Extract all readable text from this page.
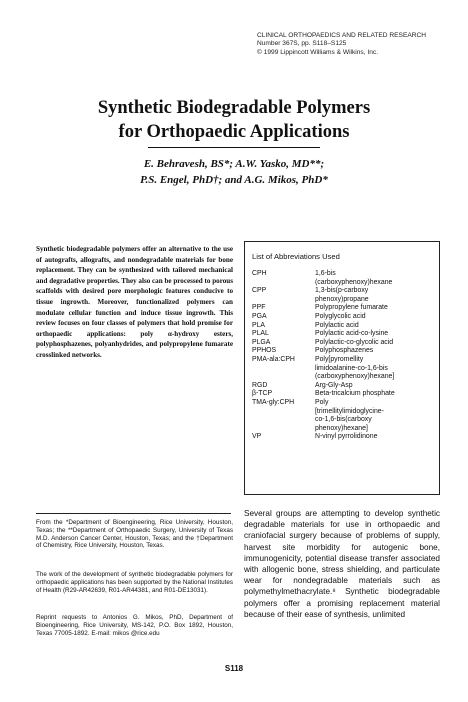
CLINICAL ORTHOPAEDICS AND RELATED RESEARCH
Number 367S, pp. S118–S125
© 1999 Lippincott Williams & Wilkins, Inc.
Synthetic Biodegradable Polymers
for Orthopaedic Applications
E. Behravesh, BS*; A.W. Yasko, MD**;
P.S. Engel, PhD†; and A.G. Mikos, PhD*
Synthetic biodegradable polymers offer an alternative to the use of autografts, allografts, and nondegradable materials for bone replacement. They can be synthesized with tailored mechanical and degradative properties. They also can be processed to porous scaffolds with desired pore morphologic features conducive to tissue ingrowth. Moreover, functionalized polymers can modulate cellular function and induce tissue ingrowth. This review focuses on four classes of polymers that hold promise for orthopaedic applications: poly α-hydroxy esters, polyphosphazenes, polyanhydrides, and polypropylene fumarate crosslinked networks.
List of Abbreviations Used
CPH	1,6-bis
(carboxyphenoxy)hexane
CPP	1,3-bis(p-carboxy
phenoxy)propane
PPF	Polypropylene fumarate
PGA	Polyglycolic acid
PLA	Polylactic acid
PLAL	Polylactic acid-co-lysine
PLGA	Polylactic-co-glycolic acid
PPHOS	Polyphosphazenes
PMA-ala:CPH	Poly[pyromellity
limidoalanine-co-1,6-bis
(carboxyphenoxy)hexane]
RGD	Arg-Gly-Asp
β-TCP	Beta-tricalcium phosphate
TMA-gly:CPH	Poly
[trimellitylimidoglycine-
co-1,6-bis(carboxy
phenoxy)hexane]
VP	N-vinyl pyrrolidinone
From the *Department of Bioengineering, Rice University, Houston, Texas; the **Department of Orthopaedic Surgery, University of Texas M.D. Anderson Cancer Center, Houston, Texas; and the †Department of Chemistry, Rice University, Houston, Texas.
The work of the development of synthetic biodegradable polymers for orthopaedic applications has been supported by the National Institutes of Health (R29-AR42639, R01-AR44381, and R01-DE13031).
Reprint requests to Antonios G. Mikos, PhD, Department of Bioengineering, Rice University, MS-142, P.O. Box 1892, Houston, Texas 77005-1892. E-mail: mikos @rice.edu
Several groups are attempting to develop synthetic degradable materials for use in orthopaedic and craniofacial surgery because of problems of supply, harvest site morbidity for autogenic bone, immunogenicity, potential disease transfer associated with allogenic bone, stress shielding, and particulate wear for nondegradable materials such as polymethylmethacrylate.⁸ Synthetic biodegradable polymers offer a promising replacement material because of their ease of synthesis, unlimited
S118
